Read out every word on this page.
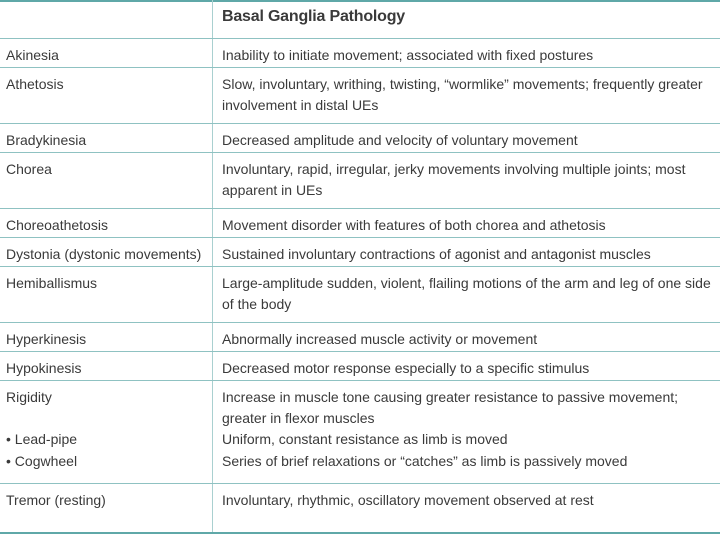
Basal Ganglia Pathology
Akinesia	Inability to initiate movement; associated with fixed postures
Athetosis	Slow, involuntary, writhing, twisting, “wormlike” movements; frequently greater involvement in distal UEs
Bradykinesia	Decreased amplitude and velocity of voluntary movement
Chorea	Involuntary, rapid, irregular, jerky movements involving multiple joints; most apparent in UEs
Choreoathetosis	Movement disorder with features of both chorea and athetosis
Dystonia (dystonic movements)	Sustained involuntary contractions of agonist and antagonist muscles
Hemiballismus	Large-amplitude sudden, violent, flailing motions of the arm and leg of one side of the body
Hyperkinesis	Abnormally increased muscle activity or movement
Hypokinesis	Decreased motor response especially to a specific stimulus
Rigidity	Increase in muscle tone causing greater resistance to passive movement; greater in flexor muscles
• Lead-pipe	Uniform, constant resistance as limb is moved
• Cogwheel	Series of brief relaxations or “catches” as limb is passively moved
Tremor (resting)	Involuntary, rhythmic, oscillatory movement observed at rest
